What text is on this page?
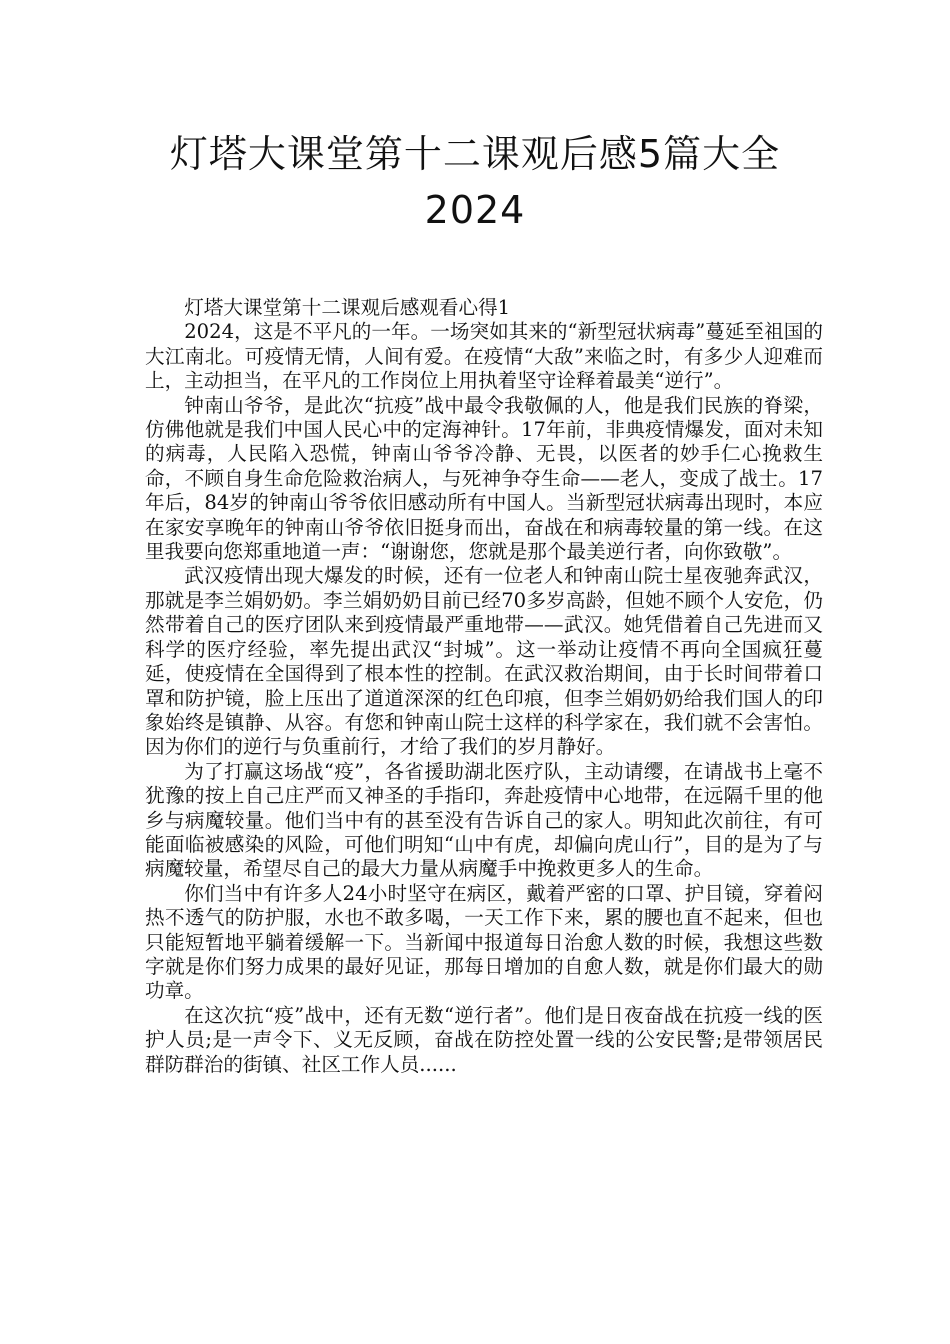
灯塔大课堂第十二课观后感5篇大全
2024

灯塔大课堂第十二课观后感观看心得1

2024，这是不平凡的一年。一场突如其来的“新型冠状病毒”蔓延至祖国的大江南北。可疫情无情，人间有爱。在疫情“大敌”来临之时，有多少人迎难而上，主动担当，在平凡的工作岗位上用执着坚守诠释着最美“逆行”。

钟南山爷爷，是此次“抗疫”战中最令我敬佩的人，他是我们民族的脊梁，仿佛他就是我们中国人民心中的定海神针。17年前，非典疫情爆发，面对未知的病毒，人民陷入恐慌，钟南山爷爷冷静、无畏，以医者的妙手仁心挽救生命，不顾自身生命危险救治病人，与死神争夺生命——老人，变成了战士。17年后，84岁的钟南山爷爷依旧感动所有中国人。当新型冠状病毒出现时，本应在家安享晚年的钟南山爷爷依旧挺身而出，奋战在和病毒较量的第一线。在这里我要向您郑重地道一声：“谢谢您，您就是那个最美逆行者，向你致敬”。

武汉疫情出现大爆发的时候，还有一位老人和钟南山院士星夜驰奔武汉，那就是李兰娟奶奶。李兰娟奶奶目前已经70多岁高龄，但她不顾个人安危，仍然带着自己的医疗团队来到疫情最严重地带——武汉。她凭借着自己先进而又科学的医疗经验，率先提出武汉“封城”。这一举动让疫情不再向全国疯狂蔓延，使疫情在全国得到了根本性的控制。在武汉救治期间，由于长时间带着口罩和防护镜，脸上压出了道道深深的红色印痕，但李兰娟奶奶给我们国人的印象始终是镇静、从容。有您和钟南山院士这样的科学家在，我们就不会害怕。因为你们的逆行与负重前行，才给了我们的岁月静好。

为了打赢这场战“疫”，各省援助湖北医疗队，主动请缨，在请战书上毫不犹豫的按上自己庄严而又神圣的手指印，奔赴疫情中心地带，在远隔千里的他乡与病魔较量。他们当中有的甚至没有告诉自己的家人。明知此次前往，有可能面临被感染的风险，可他们明知“山中有虎，却偏向虎山行”，目的是为了与病魔较量，希望尽自己的最大力量从病魔手中挽救更多人的生命。

你们当中有许多人24小时坚守在病区，戴着严密的口罩、护目镜，穿着闷热不透气的防护服，水也不敢多喝，一天工作下来，累的腰也直不起来，但也只能短暂地平躺着缓解一下。当新闻中报道每日治愈人数的时候，我想这些数字就是你们努力成果的最好见证，那每日增加的自愈人数，就是你们最大的勋功章。

在这次抗“疫”战中，还有无数“逆行者”。他们是日夜奋战在抗疫一线的医护人员;是一声令下、义无反顾，奋战在防控处置一线的公安民警;是带领居民群防群治的街镇、社区工作人员......
